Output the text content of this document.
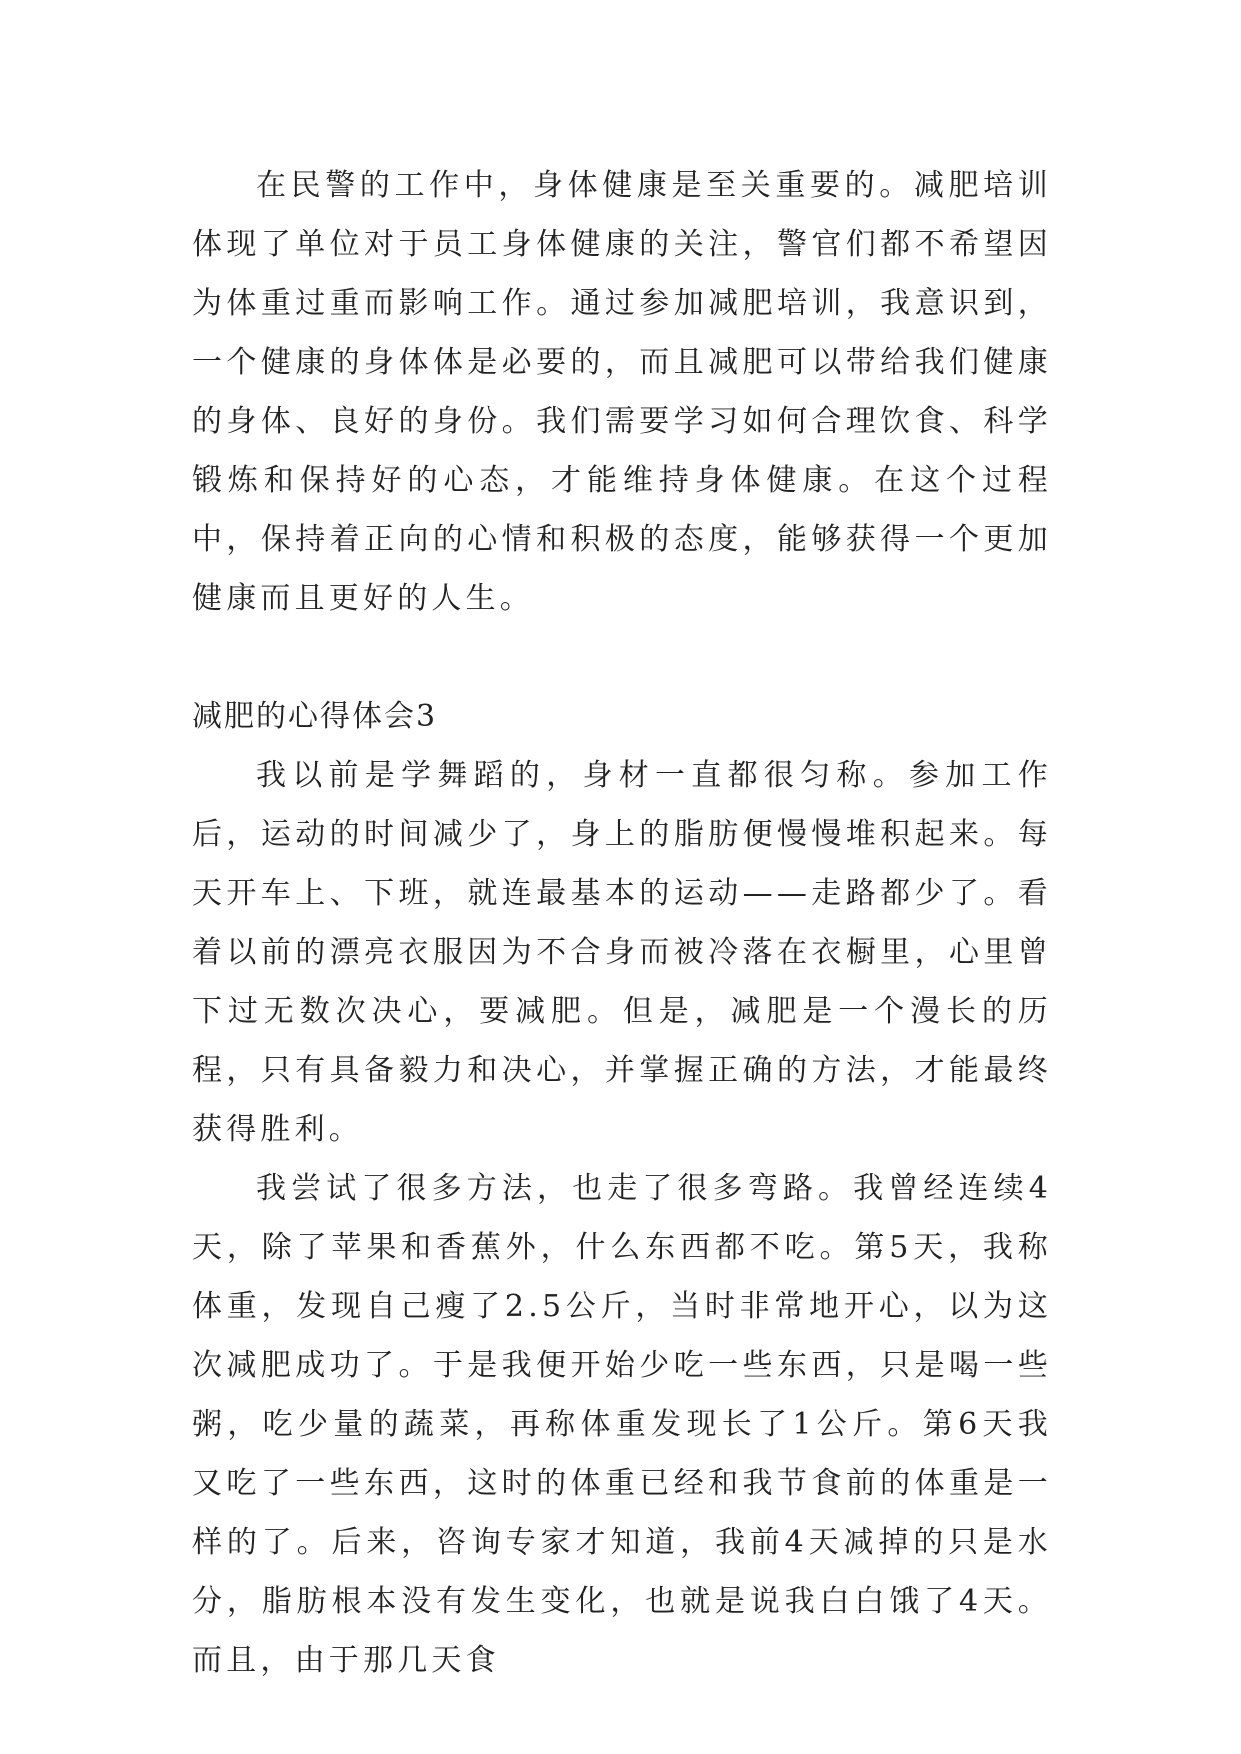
在民警的工作中，身体健康是至关重要的。减肥培训体现了单位对于员工身体健康的关注，警官们都不希望因为体重过重而影响工作。通过参加减肥培训，我意识到，一个健康的身体体是必要的，而且减肥可以带给我们健康的身体、良好的身份。我们需要学习如何合理饮食、科学锻炼和保持好的心态，才能维持身体健康。在这个过程中，保持着正向的心情和积极的态度，能够获得一个更加健康而且更好的人生。

减肥的心得体会3

我以前是学舞蹈的，身材一直都很匀称。参加工作后，运动的时间减少了，身上的脂肪便慢慢堆积起来。每天开车上、下班，就连最基本的运动——走路都少了。看着以前的漂亮衣服因为不合身而被冷落在衣橱里，心里曾下过无数次决心，要减肥。但是，减肥是一个漫长的历程，只有具备毅力和决心，并掌握正确的方法，才能最终获得胜利。

我尝试了很多方法，也走了很多弯路。我曾经连续4天，除了苹果和香蕉外，什么东西都不吃。第5天，我称体重，发现自己瘦了2.5公斤，当时非常地开心，以为这次减肥成功了。于是我便开始少吃一些东西，只是喝一些粥，吃少量的蔬菜，再称体重发现长了1公斤。第6天我又吃了一些东西，这时的体重已经和我节食前的体重是一样的了。后来，咨询专家才知道，我前4天减掉的只是水分，脂肪根本没有发生变化，也就是说我白白饿了4天。而且，由于那几天食
